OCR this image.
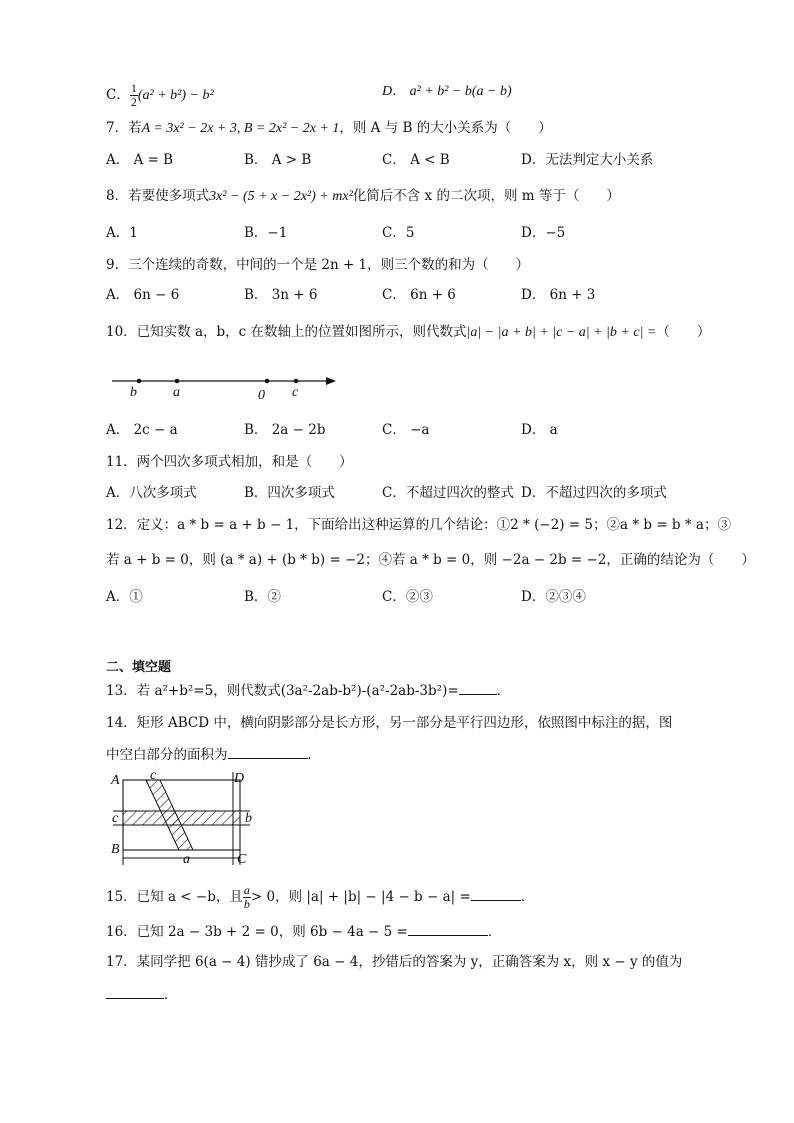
C． $\frac{1}{2} (a^2 + b^2) - b^2$	D． a² + b² − b(a − b)
7．若A = 3x² − 2x + 3, B = 2x² − 2x + 1，则 A 与 B 的大小关系为（　　）
A． A = B	B． A > B	C． A < B	D．无法判定大小关系
8．若要使多项式3x² − (5 + x − 2x²) + mx²化简后不含 x 的二次项，则 m 等于（　　）
A．1	B．−1	C．5	D．−5
9．三个连续的奇数，中间的一个是 2n + 1，则三个数的和为（　　）
A． 6n − 6	B． 3n + 6	C． 6n + 6	D． 6n + 3
10．已知实数 a，b，c 在数轴上的位置如图所示，则代数式|a| − |a + b| + |c − a| + |b + c| =（　　）
b	a	0 c
A． 2c − a	B． 2a − 2b	C． −a	D． a
11．两个四次多项式相加，和是（　　）
A．八次多项式	B．四次多项式	C．不超过四次的整式 D．不超过四次的多项式
12．定义：a * b = a + b − 1，下面给出这种运算的几个结论：①2 * (−2) = 5；②a * b = b * a；③
若 a + b = 0，则 (a * a) + (b * b) = −2；④若 a * b = 0，则 −2a − 2b = −2，正确的结论为（　　）
A．①	B．②	C．②③	D．②③④
二、填空题
13．若 a²+b²=5，则代数式(3a²-2ab-b²)-(a²-2ab-3b²)=	．
14．矩形 ABCD 中，横向阴影部分是长方形，另一部分是平行四边形，依照图中标注的据，图
中空白部分的面积为	．
A c	D
c	b
B
a	C
15．已知 a < −b，且 $\frac{a}{b} > 0$，则 |a| + |b| − |4 − b − a| =	．
16．已知 2a − 3b + 2 = 0，则 6b − 4a − 5 =	．
17．某同学把 6(a − 4) 错抄成了 6a − 4，抄错后的答案为 y，正确答案为 x，则 x − y 的值为
．
